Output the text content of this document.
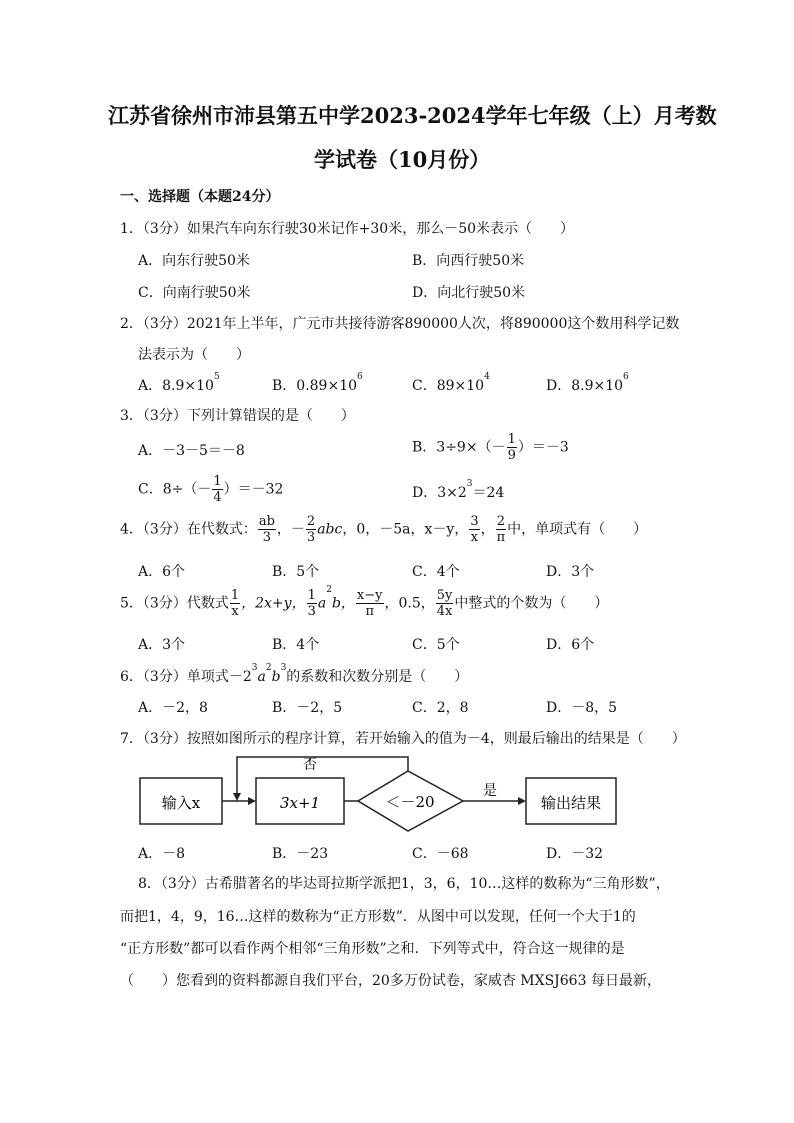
江苏省徐州市沛县第五中学2023-2024学年七年级（上）月考数
学试卷（10月份）
一、选择题（本题24分）
1．（3分）如果汽车向东行驶30米记作+30米，那么－50米表示（　　）
A．向东行驶50米	B．向西行驶50米
C．向南行驶50米	D．向北行驶50米
2．（3分）2021年上半年，广元市共接待游客890000人次，将890000这个数用科学记数
法表示为（　　）
A．$8.9\times 10^5$
B．$0.89\times 10^6$
C．$89\times 10^4$
D．$8.9\times 10^6$
3．（3分）下列计算错误的是（　　）
A．－3－5＝－8	B．$3\div 9\times(- \frac{1}{9} )=-3$
C．$8\div(- \frac{1}{4} )=-32$	D．$3\times 2^3=24$
4．（3分）在代数式： $\frac{ab}{3}$ ，－ $\frac{2}{3}$ abc，0，－5a，x－y， $\frac{3}{x}$ ， $\frac{2}{\pi}$ 中，单项式有（　　）
A．6个	B．5个	C．4个	D．3个
5．（3分）代数式 $\frac{1}{x}$ ，2x+y， $\frac{1}{3} a^2b$， $\frac{x-y}{\pi}$ ，0.5， $\frac{5y}{4x}$ 中整式的个数为（　　）
A．3个	B．4个	C．5个	D．6个
6．（3分）单项式$-2^3a^2b^3$的系数和次数分别是（　　）
A．－2，8	B．－2，5	C．2，8	D．－8，5
7．（3分）按照如图所示的程序计算，若开始输入的值为－4，则最后输出的结果是（　　）
输入x	3x+1	＜－20
否
是
输出结果
A．－8	B．－23	C．－68	D．－32
8．（3分）古希腊著名的毕达哥拉斯学派把1，3，6，10…这样的数称为“三角形数”，
而把1，4，9，16…这样的数称为“正方形数”．从图中可以发现，任何一个大于1的
“正方形数”都可以看作两个相邻“三角形数”之和．下列等式中，符合这一规律的是
（　　）您看到的资料都源自我们平台，20多万份试卷，家威杏 MXSJ663 每日最新，
